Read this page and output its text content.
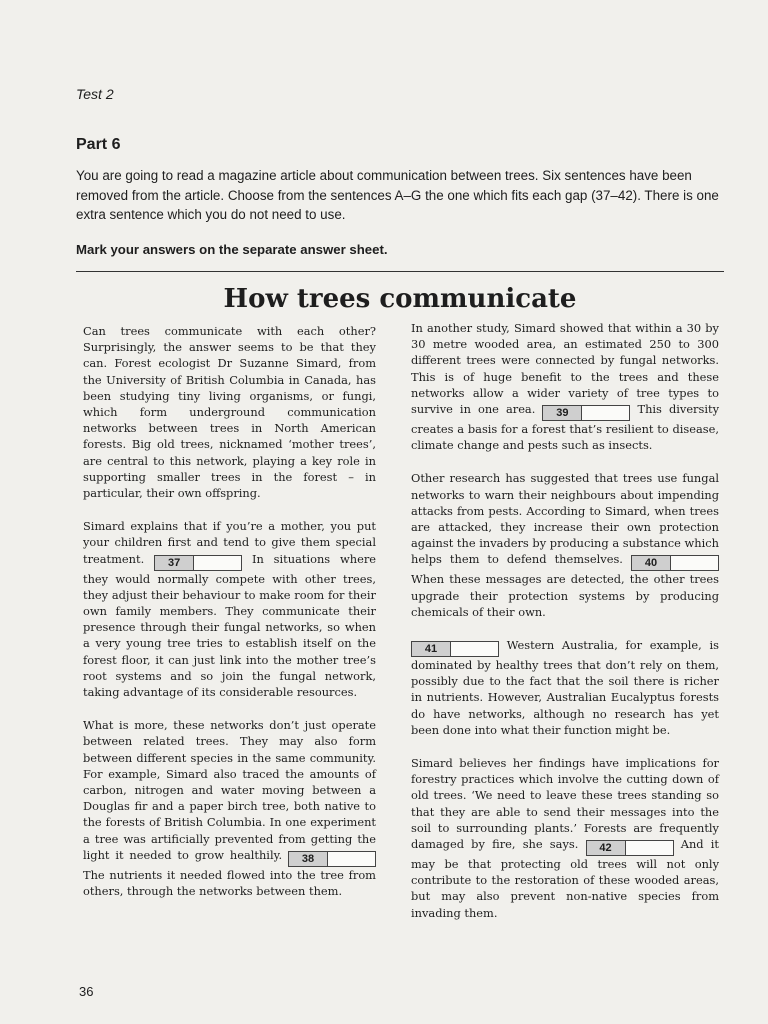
Test 2
Part 6
You are going to read a magazine article about communication between trees. Six sentences have been removed from the article. Choose from the sentences A–G the one which fits each gap (37–42). There is one extra sentence which you do not need to use.
Mark your answers on the separate answer sheet.
How trees communicate

Can trees communicate with each other? Surprisingly, the answer seems to be that they can. Forest ecologist Dr Suzanne Simard, from the University of British Columbia in Canada, has been studying tiny living organisms, or fungi, which form underground communication networks between trees in North American forests. Big old trees, nicknamed ‘mother trees’, are central to this network, playing a key role in supporting smaller trees in the forest – in particular, their own offspring.

Simard explains that if you’re a mother, you put your children first and tend to give them special treatment. 37	In situations where they would normally compete with other trees, they adjust their behaviour to make room for their own family members. They communicate their presence through their fungal networks, so when a very young tree tries to establish itself on the forest floor, it can just link into the mother tree’s root systems and so join the fungal network, taking advantage of its considerable resources.

What is more, these networks don’t just operate between related trees. They may also form between different species in the same community. For example, Simard also traced the amounts of carbon, nitrogen and water moving between a Douglas fir and a paper birch tree, both native to the forests of British Columbia. In one experiment a tree was artificially prevented from getting the light it needed to grow healthily. 38 The nutrients it needed flowed into the tree from others, through the networks between them.

In another study, Simard showed that within a 30 by 30 metre wooded area, an estimated 250 to 300 different trees were connected by fungal networks. This is of huge benefit to the trees and these networks allow a wider variety of tree types to survive in one area. 39	This diversity creates a basis for a forest that’s resilient to disease, climate change and pests such as insects.

Other research has suggested that trees use fungal networks to warn their neighbours about impending attacks from pests. According to Simard, when trees are attacked, they increase their own protection against the invaders by producing a substance which helps them to defend themselves. 40 When these messages are detected, the other trees upgrade their protection systems by producing chemicals of their own.

41	Western Australia, for example, is dominated by healthy trees that don’t rely on them, possibly due to the fact that the soil there is richer in nutrients. However, Australian Eucalyptus forests do have networks, although no research has yet been done into what their function might be.

Simard believes her findings have implications for forestry practices which involve the cutting down of old trees. ‘We need to leave these trees standing so that they are able to send their messages into the soil to surrounding plants.’ Forests are frequently damaged by fire, she says. 42	And it may be that protecting old trees will not only contribute to the restoration of these wooded areas, but may also prevent non-native species from invading them.

36
